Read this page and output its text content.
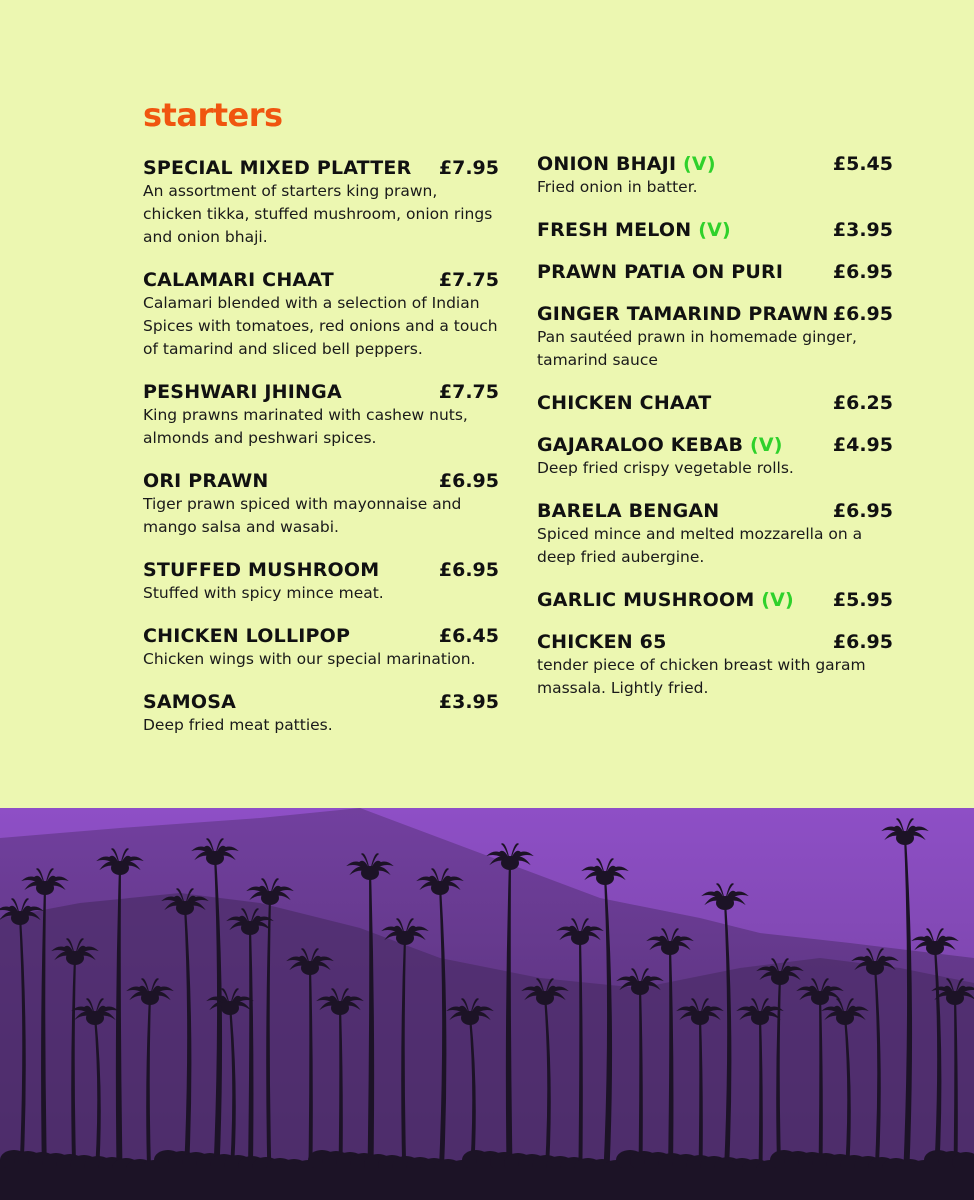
starters
SPECIAL MIXED PLATTER £7.95
An assortment of starters king prawn, chicken tikka, stuffed mushroom, onion rings and onion bhaji.
CALAMARI CHAAT	£7.75
Calamari blended with a selection of Indian Spices with tomatoes, red onions and a touch of tamarind and sliced bell peppers.
PESHWARI JHINGA	£7.75
King prawns marinated with cashew nuts, almonds and peshwari spices.
ORI PRAWN	£6.95
Tiger prawn spiced with mayonnaise and mango salsa and wasabi.
STUFFED MUSHROOM	£6.95
Stuffed with spicy mince meat.
CHICKEN LOLLIPOP	£6.45
Chicken wings with our special marination.
SAMOSA	£3.95
Deep fried meat patties.
ONION BHAJI (V)	£5.45
Fried onion in batter.
FRESH MELON (V)	£3.95
PRAWN PATIA ON PURI	£6.95
GINGER TAMARIND PRAWN £6.95
Pan sautéed prawn in homemade ginger, tamarind sauce
CHICKEN CHAAT	£6.25
GAJARALOO KEBAB (V)	£4.95
Deep fried crispy vegetable rolls.
BARELA BENGAN	£6.95
Spiced mince and melted mozzarella on a deep fried aubergine.
GARLIC MUSHROOM (V) £5.95
CHICKEN 65	£6.95
tender piece of chicken breast with garam massala. Lightly fried.
